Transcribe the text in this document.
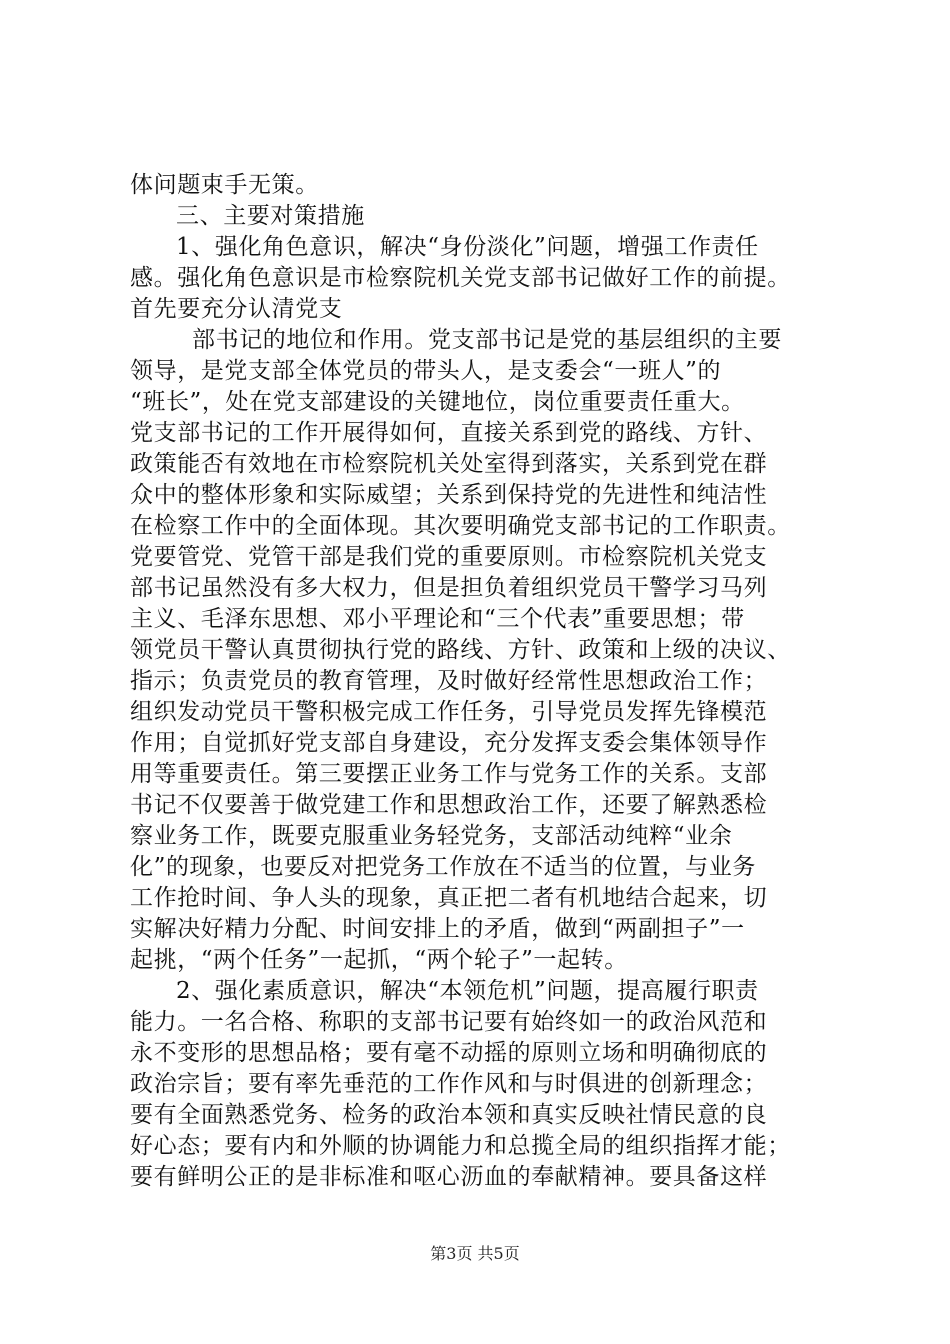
体问题束手无策。
三、主要对策措施
1、强化角色意识，解决“身份淡化”问题，增强工作责任
感。强化角色意识是市检察院机关党支部书记做好工作的前提。
首先要充分认清党支
部书记的地位和作用。党支部书记是党的基层组织的主要
领导，是党支部全体党员的带头人，是支委会“一班人”的
“班长”，处在党支部建设的关键地位，岗位重要责任重大。
党支部书记的工作开展得如何，直接关系到党的路线、方针、
政策能否有效地在市检察院机关处室得到落实，关系到党在群
众中的整体形象和实际威望；关系到保持党的先进性和纯洁性
在检察工作中的全面体现。其次要明确党支部书记的工作职责。
党要管党、党管干部是我们党的重要原则。市检察院机关党支
部书记虽然没有多大权力，但是担负着组织党员干警学习马列
主义、毛泽东思想、邓小平理论和“三个代表”重要思想；带
领党员干警认真贯彻执行党的路线、方针、政策和上级的决议、
指示；负责党员的教育管理，及时做好经常性思想政治工作；
组织发动党员干警积极完成工作任务，引导党员发挥先锋模范
作用；自觉抓好党支部自身建设，充分发挥支委会集体领导作
用等重要责任。第三要摆正业务工作与党务工作的关系。支部
书记不仅要善于做党建工作和思想政治工作，还要了解熟悉检
察业务工作，既要克服重业务轻党务，支部活动纯粹“业余
化”的现象，也要反对把党务工作放在不适当的位置，与业务
工作抢时间、争人头的现象，真正把二者有机地结合起来，切
实解决好精力分配、时间安排上的矛盾，做到“两副担子”一
起挑，“两个任务”一起抓，“两个轮子”一起转。
2、强化素质意识，解决“本领危机”问题，提高履行职责
能力。一名合格、称职的支部书记要有始终如一的政治风范和
永不变形的思想品格；要有毫不动摇的原则立场和明确彻底的
政治宗旨；要有率先垂范的工作作风和与时俱进的创新理念；
要有全面熟悉党务、检务的政治本领和真实反映社情民意的良
好心态；要有内和外顺的协调能力和总揽全局的组织指挥才能；
要有鲜明公正的是非标准和呕心沥血的奉献精神。要具备这样
第3页 共5页
